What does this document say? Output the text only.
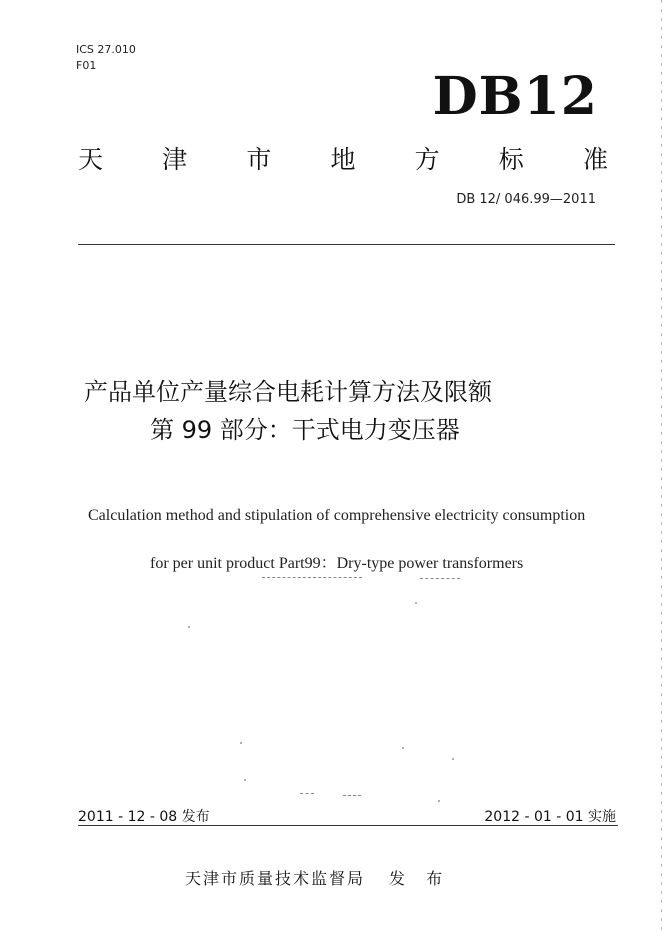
ICS 27.010
F01
DB12
天 津 市 地 方 标 准
DB 12/ 046.99—2011
产品单位产量综合电耗计算方法及限额
第 99 部分：干式电力变压器
Calculation method and stipulation of comprehensive electricity consumption
for per unit product Part99：Dry-type power transformers
2011 - 12 - 08 发布	2012 - 01 - 01 实施
天津市质量技术监督局 发 布
